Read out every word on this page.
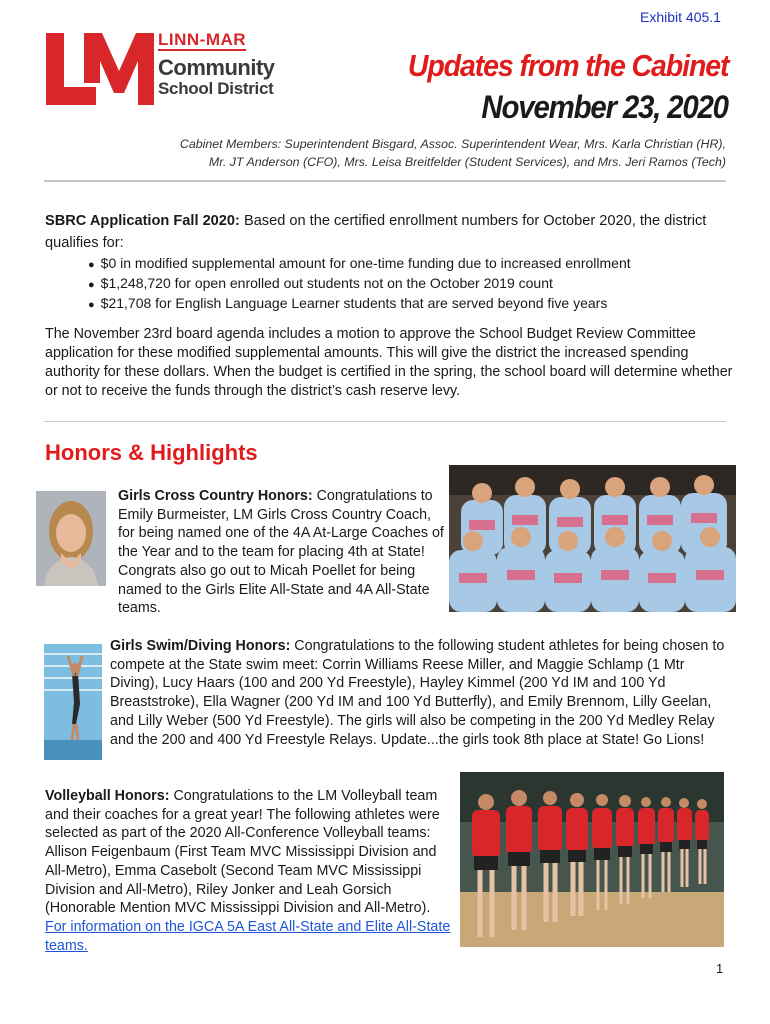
Exhibit 405.1
LINN-MAR
Community
School District
Updates from the Cabinet
November 23, 2020
Cabinet Members: Superintendent Bisgard, Assoc. Superintendent Wear, Mrs. Karla Christian (HR),
Mr. JT Anderson (CFO), Mrs. Leisa Breitfelder (Student Services), and Mrs. Jeri Ramos (Tech)
SBRC Application Fall 2020: Based on the certified enrollment numbers for October 2020, the district qualifies for:
● $0 in modified supplemental amount for one-time funding due to increased enrollment
● $1,248,720 for open enrolled out students not on the October 2019 count
● $21,708 for English Language Learner students that are served beyond five years
The November 23rd board agenda includes a motion to approve the School Budget Review Committee application for these modified supplemental amounts. This will give the district the increased spending authority for these dollars. When the budget is certified in the spring, the school board will determine whether or not to receive the funds through the district’s cash reserve levy.
Honors & Highlights
Girls Cross Country Honors: Congratulations to Emily Burmeister, LM Girls Cross Country Coach, for being named one of the 4A At-Large Coaches of the Year and to the team for placing 4th at State! Congrats also go out to Micah Poellet for being named to the Girls Elite All-State and 4A All-State teams.
Girls Swim/Diving Honors: Congratulations to the following student athletes for being chosen to compete at the State swim meet: Corrin Williams Reese Miller, and Maggie Schlamp (1 Mtr Diving), Lucy Haars (100 and 200 Yd Freestyle), Hayley Kimmel (200 Yd IM and 100 Yd Breaststroke), Ella Wagner (200 Yd IM and 100 Yd Butterfly), and Emily Brennom, Lilly Geelan, and Lilly Weber (500 Yd Freestyle). The girls will also be competing in the 200 Yd Medley Relay and the 200 and 400 Yd Freestyle Relays. Update...the girls took 8th place at State! Go Lions!
Volleyball Honors: Congratulations to the LM Volleyball team and their coaches for a great year! The following athletes were selected as part of the 2020 All-Conference Volleyball teams: Allison Feigenbaum (First Team MVC Mississippi Division and All-Metro), Emma Casebolt (Second Team MVC Mississippi Division and All-Metro), Riley Jonker and Leah Gorsich (Honorable Mention MVC Mississippi Division and All-Metro). For information on the IGCA 5A East All-State and Elite All-State teams.
1
